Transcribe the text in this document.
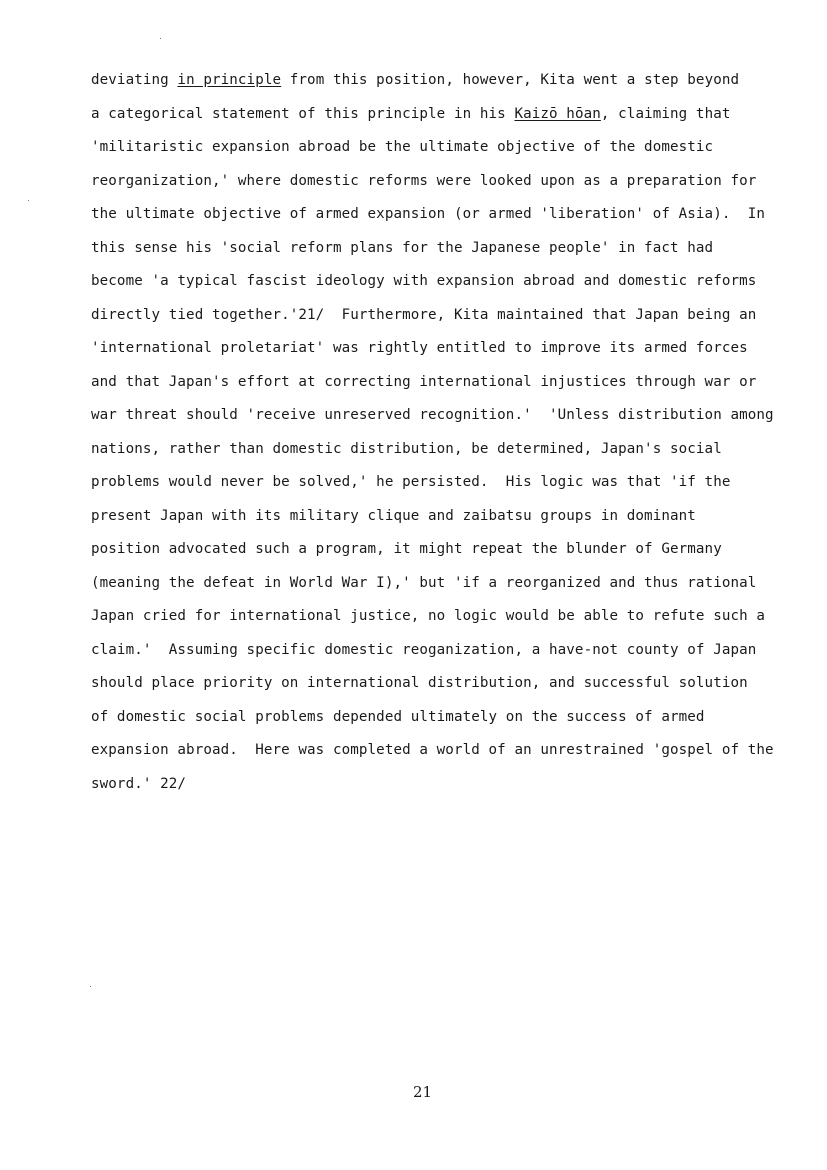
deviating in principle from this position, however, Kita went a step beyond
a categorical statement of this principle in his Kaizō hōan, claiming that
'militaristic expansion abroad be the ultimate objective of the domestic
reorganization,' where domestic reforms were looked upon as a preparation for
the ultimate objective of armed expansion (or armed 'liberation' of Asia).  In
this sense his 'social reform plans for the Japanese people' in fact had
become 'a typical fascist ideology with expansion abroad and domestic reforms
directly tied together.'21/  Furthermore, Kita maintained that Japan being an
'international proletariat' was rightly entitled to improve its armed forces
and that Japan's effort at correcting international injustices through war or
war threat should 'receive unreserved recognition.'  'Unless distribution among
nations, rather than domestic distribution, be determined, Japan's social
problems would never be solved,' he persisted.  His logic was that 'if the
present Japan with its military clique and zaibatsu groups in dominant
position advocated such a program, it might repeat the blunder of Germany
(meaning the defeat in World War I),' but 'if a reorganized and thus rational
Japan cried for international justice, no logic would be able to refute such a
claim.'  Assuming specific domestic reoganization, a have-not county of Japan
should place priority on international distribution, and successful solution
of domestic social problems depended ultimately on the success of armed
expansion abroad.  Here was completed a world of an unrestrained 'gospel of the
sword.' 22/
21
